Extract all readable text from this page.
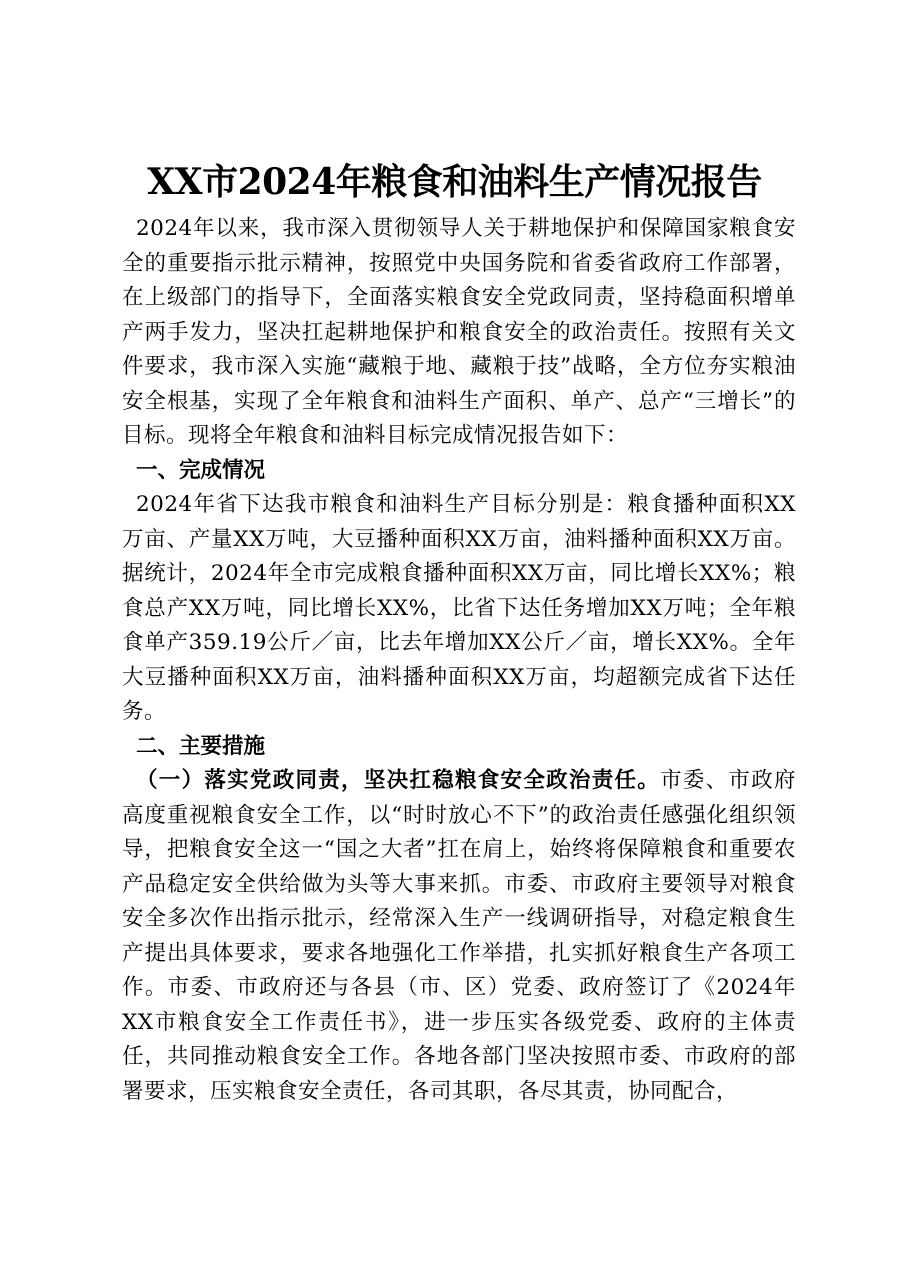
XX市2024年粮食和油料生产情况报告

2024年以来，我市深入贯彻领导人关于耕地保护和保障国家粮食安全的重要指示批示精神，按照党中央国务院和省委省政府工作部署，在上级部门的指导下，全面落实粮食安全党政同责，坚持稳面积增单产两手发力，坚决扛起耕地保护和粮食安全的政治责任。按照有关文件要求，我市深入实施“藏粮于地、藏粮于技”战略，全方位夯实粮油安全根基，实现了全年粮食和油料生产面积、单产、总产“三增长”的目标。现将全年粮食和油料目标完成情况报告如下：

一、完成情况

2024年省下达我市粮食和油料生产目标分别是：粮食播种面积XX万亩、产量XX万吨，大豆播种面积XX万亩，油料播种面积XX万亩。据统计，2024年全市完成粮食播种面积XX万亩，同比增长XX%；粮食总产XX万吨，同比增长XX%，比省下达任务增加XX万吨；全年粮食单产359.19公斤／亩，比去年增加XX公斤／亩，增长XX%。全年大豆播种面积XX万亩，油料播种面积XX万亩，均超额完成省下达任务。

二、主要措施

（一）落实党政同责，坚决扛稳粮食安全政治责任。市委、市政府高度重视粮食安全工作，以“时时放心不下”的政治责任感强化组织领导，把粮食安全这一“国之大者”扛在肩上，始终将保障粮食和重要农产品稳定安全供给做为头等大事来抓。市委、市政府主要领导对粮食安全多次作出指示批示，经常深入生产一线调研指导，对稳定粮食生产提出具体要求，要求各地强化工作举措，扎实抓好粮食生产各项工作。市委、市政府还与各县（市、区）党委、政府签订了《2024年XX市粮食安全工作责任书》，进一步压实各级党委、政府的主体责任，共同推动粮食安全工作。各地各部门坚决按照市委、市政府的部署要求，压实粮食安全责任，各司其职，各尽其责，协同配合，
